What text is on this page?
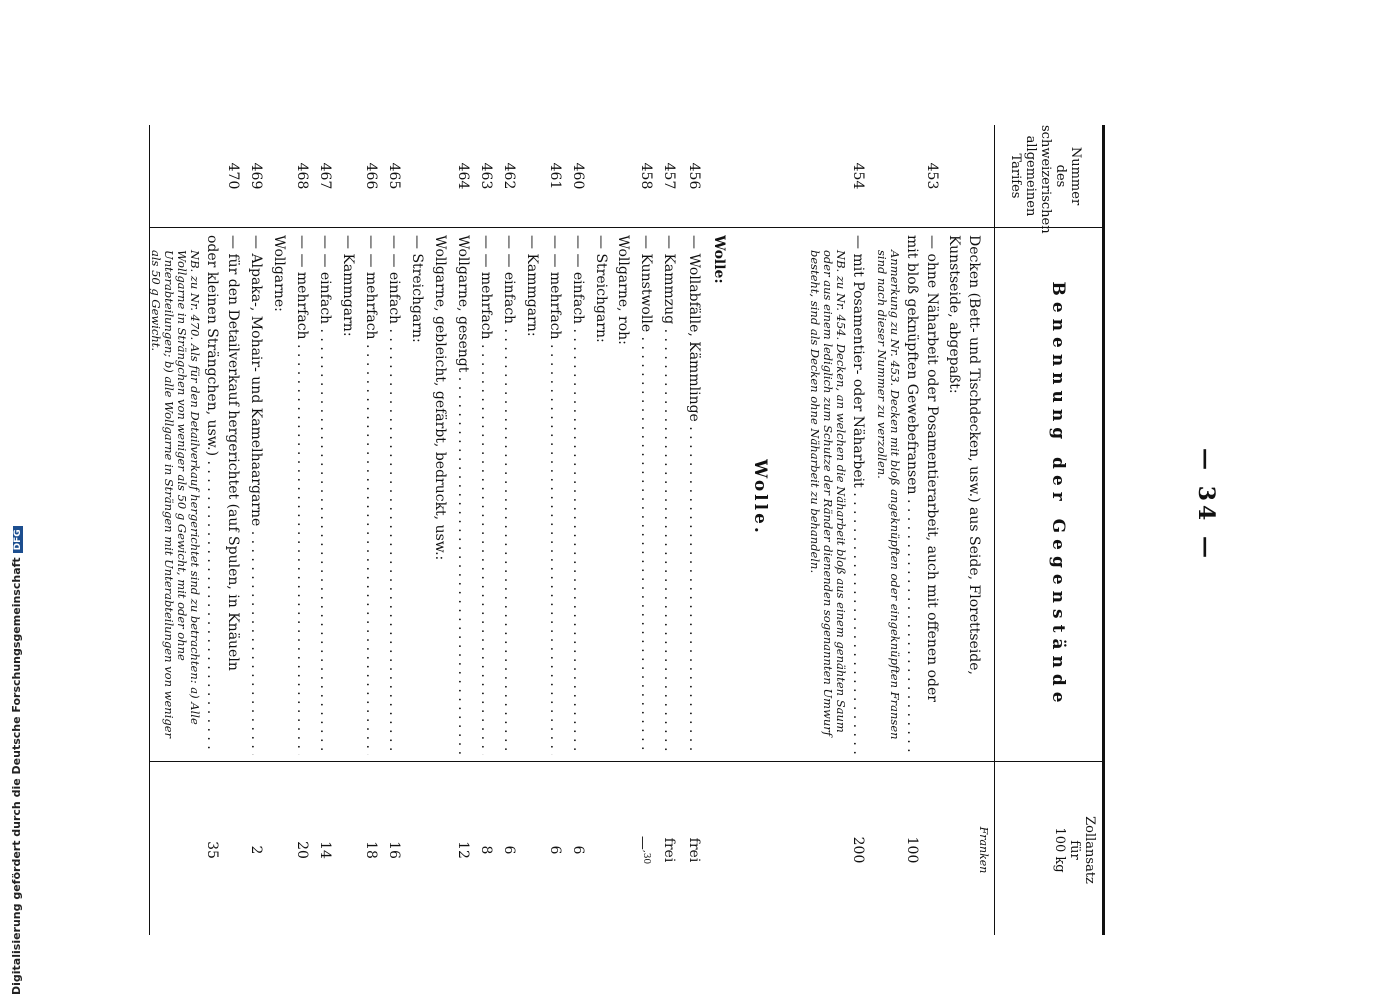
— 34 —
Nummer
des
schweizerischen
allgemeinen
Tarifes
Benennung der Gegenstände
Zollansatz
für
100 kg
Franken
Decken (Bett- und Tischdecken, usw.) aus Seide, Florettseide,
Kunstseide, abgepaßt:
453
— ohne Näharbeit oder Posamentierarbeit, auch mit offenen oder
mit bloß geknüpften Gewebefransen . . .
100
Anmerkung zu Nr. 453. Decken mit bloß angeknüpften oder eingeknüpften Fransen sind nach dieser Nummer zu verzollen.
454
— mit Posamentier- oder Näharbeit . . .
200
NB. zu Nr. 454. Decken, an welchen die Näharbeit bloß aus einem genähten Saum oder aus einem lediglich zum Schutze der Ränder dienenden sogenannten Umwurf besteht, sind als Decken ohne Näharbeit zu behandeln.
Wolle.
Wolle:
456
— Wollabfälle, Kämmlinge . . .
frei
457
— Kammzug . . .
frei
458
— Kunstwolle . . .
—$^{,30}$
Wollgarne, roh:
— Streichgarn:
460
— — einfach . . .
6
461
— — mehrfach . . .
6
— Kammgarn:
462
— — einfach . . .
6
463
— — mehrfach . . .
8
464
Wollgarne, gesengt . . .
12
Wollgarne, gebleicht, gefärbt, bedruckt, usw.:
— Streichgarn:
465
— — einfach . . .
16
466
— — mehrfach . . .
18
— Kammgarn:
467
— — einfach . . .
14
468
— — mehrfach . . .
20
Wollgarne:
469
— Alpaka-, Mohair- und Kamelhaargarne . . .
2
470
— für den Detailverkauf hergerichtet (auf Spulen, in Knäueln
oder kleinen Strängchen, usw.) . . .
35
NB. zu Nr. 470. Als für den Detailverkauf hergerichtet sind zu betrachten: a) Alle Wollgarne in Strängchen von weniger als 50 g Gewicht, mit oder ohne Unterabteilungen; b) alle Wollgarne in Strängen mit Unterabteilungen von weniger als 50 g Gewicht.
Digitalisierung gefördert durch die Deutsche ForschungsgemeinschaftDFG
